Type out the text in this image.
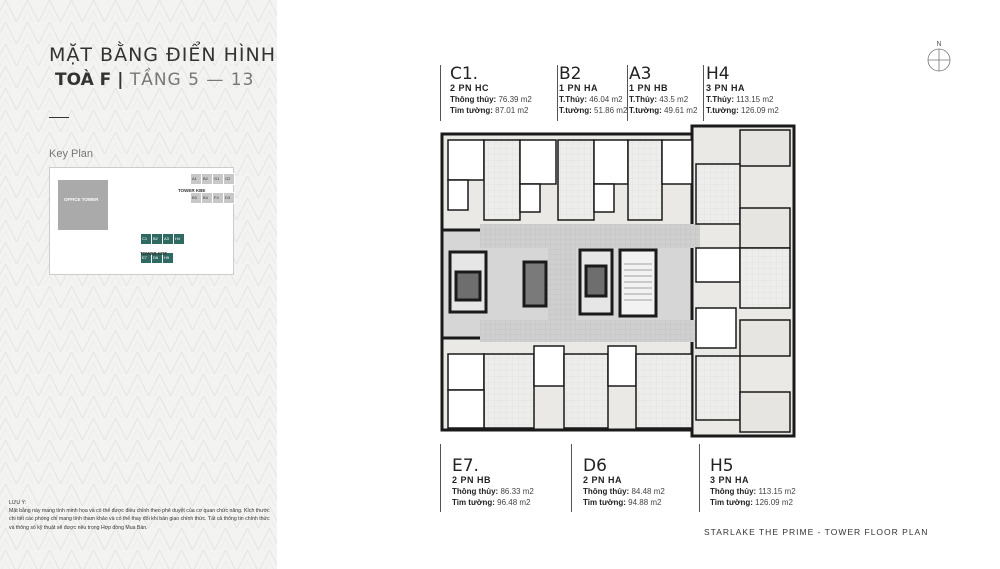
MẶT BẰNG ĐIỂN HÌNH
TOÀ F | TẦNG 5 — 13
Key Plan
OFFICE TOWER
A1 B2 G1 G2
B3 B4 F4 D3
TOWER KBE
C1 B2 A3 H4
E7 D6 H5
TOWER KBF
LƯU Ý:
Mặt bằng này mang tính minh họa và có thể được điều chỉnh theo phê duyệt của cơ quan chức năng. Kích thước chi tiết các phòng chỉ mang tính tham khảo và có thể thay đổi khi bàn giao chính thức. Tất cả thông tin chính thức và thông số kỹ thuật sẽ được nêu trong Hợp đồng Mua Bán.
N
C1.
2 PN HC
Thông thủy: 76.39 m2
Tim tường: 87.01 m2
B2
1 PN HA
T.Thủy: 46.04 m2
T.tường: 51.86 m2
A3
1 PN HB
T.Thủy: 43.5 m2
T.tường: 49.61 m2
H4
3 PN HA
T.Thủy: 113.15 m2
T.tường: 126.09 m2
E7.
2 PN HB
Thông thủy: 86.33 m2
Tim tường: 96.48 m2
D6
2 PN HA
Thông thủy: 84.48 m2
Tim tường: 94.88 m2
H5
3 PN HA
Thông thủy: 113.15 m2
Tim tường: 126.09 m2
STARLAKE THE PRIME - TOWER FLOOR PLAN
